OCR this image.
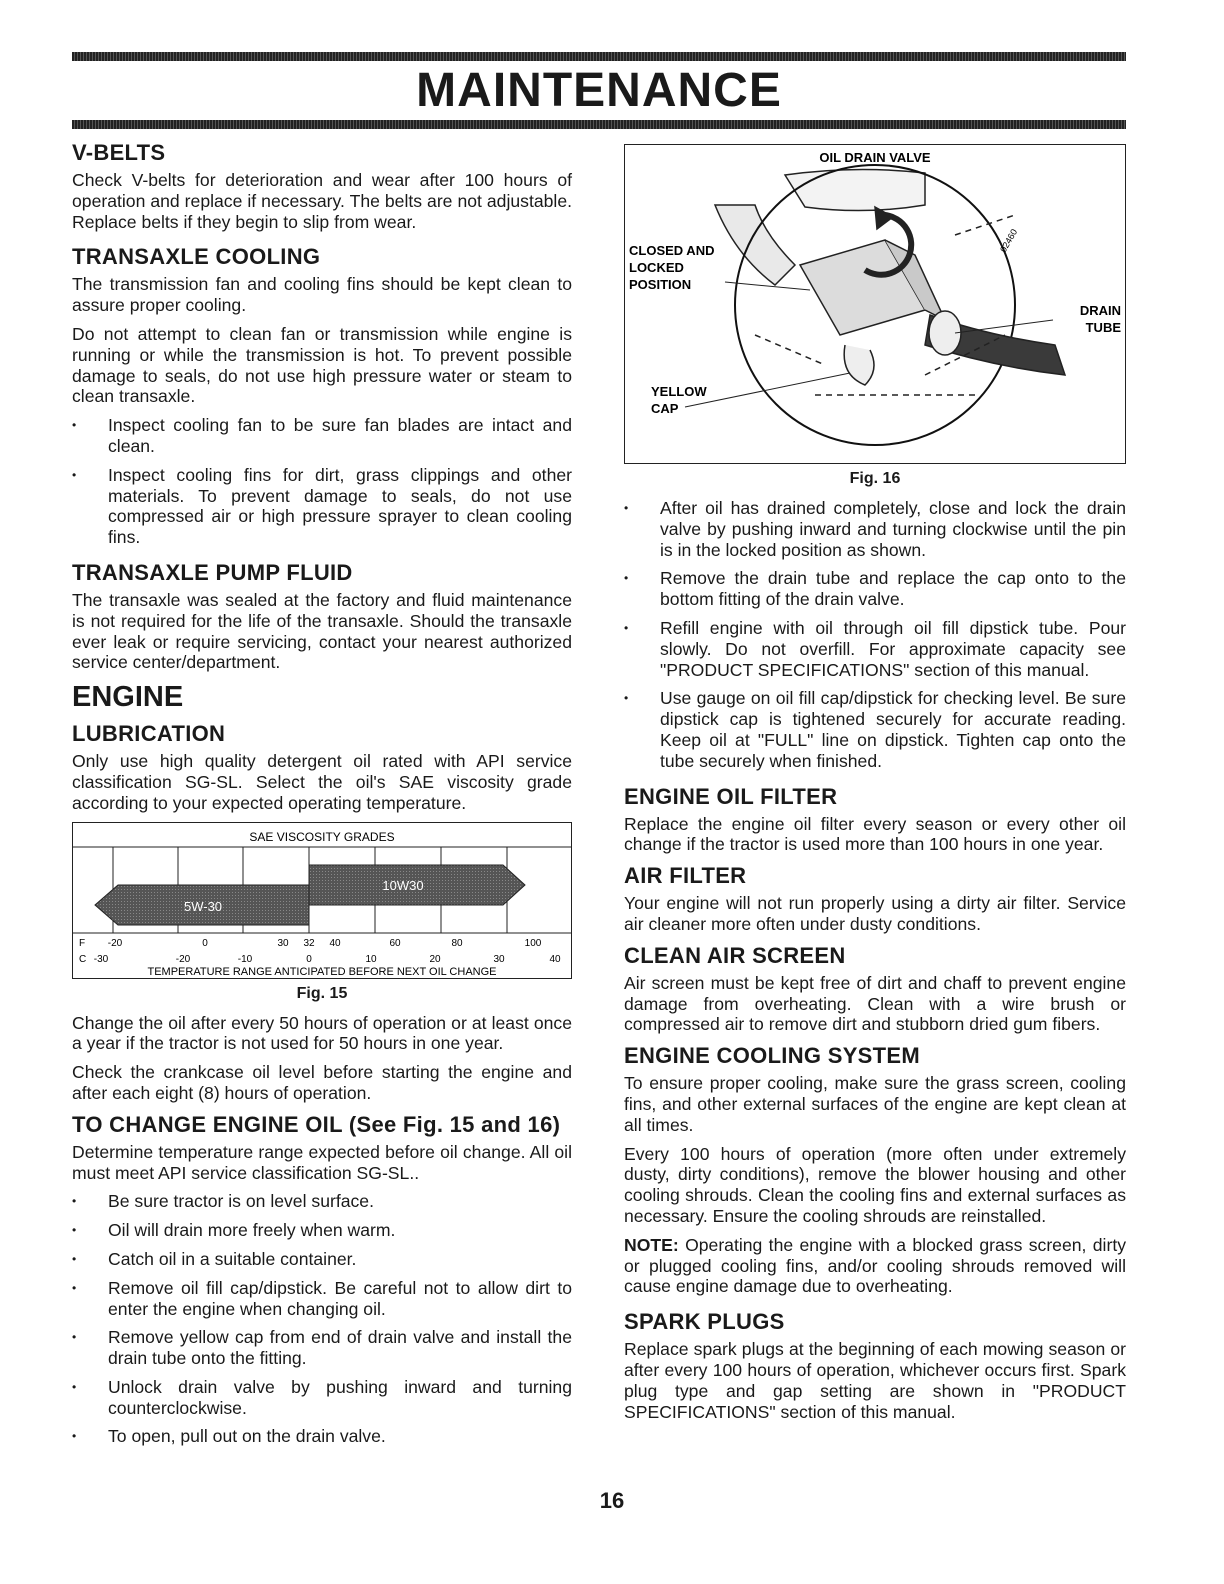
MAINTENANCE
V-BELTS

Check V-belts for deterioration and wear after 100 hours of operation and replace if necessary. The belts are not adjustable. Replace belts if they begin to slip from wear.

TRANSAXLE COOLING

The transmission fan and cooling fins should be kept clean to assure proper cooling.

Do not attempt to clean fan or transmission while engine is running or while the transmission is hot. To prevent possible damage to seals, do not use high pressure water or steam to clean transaxle.

• Inspect cooling fan to be sure fan blades are intact and clean.
• Inspect cooling fins for dirt, grass clippings and other materials. To prevent damage to seals, do not use compressed air or high pressure sprayer to clean cooling fins.
TRANSAXLE PUMP FLUID

The transaxle was sealed at the factory and fluid maintenance is not required for the life of the transaxle. Should the transaxle ever leak or require servicing, contact your nearest authorized service center/department.

ENGINE
LUBRICATION

Only use high quality detergent oil rated with API service classification SG-SL. Select the oil's SAE viscosity grade according to your expected operating temperature.

SAE VISCOSITY GRADES
10W30
5W-30
F -20	0	30 32 40	60	80	100
C -30	-20	-10	0	10	20	30	40
TEMPERATURE RANGE ANTICIPATED BEFORE NEXT OIL CHANGE
Fig. 15

Change the oil after every 50 hours of operation or at least once a year if the tractor is not used for 50 hours in one year.

Check the crankcase oil level before starting the engine and after each eight (8) hours of operation.

TO CHANGE ENGINE OIL (See Fig. 15 and 16)

Determine temperature range expected before oil change. All oil must meet API service classification SG-SL..

• Be sure tractor is on level surface.
• Oil will drain more freely when warm.
• Catch oil in a suitable container.
• Remove oil fill cap/dipstick. Be careful not to allow dirt to enter the engine when changing oil.
• Remove yellow cap from end of drain valve and install the drain tube onto the fitting.
• Unlock drain valve by pushing inward and turning counterclockwise.
• To open, pull out on the drain valve.
OIL DRAIN VALVE
CLOSED AND
LOCKED
POSITION
DRAIN
TUBE
YELLOW
CAP
02460
Fig. 16
• After oil has drained completely, close and lock the drain valve by pushing inward and turning clockwise until the pin is in the locked position as shown.
• Remove the drain tube and replace the cap onto to the bottom fitting of the drain valve.
• Refill engine with oil through oil fill dipstick tube. Pour slowly. Do not overfill. For approximate capacity see "PRODUCT SPECIFICATIONS" section of this manual.
• Use gauge on oil fill cap/dipstick for checking level. Be sure dipstick cap is tightened securely for accurate reading. Keep oil at "FULL" line on dipstick. Tighten cap onto the tube securely when finished.
ENGINE OIL FILTER

Replace the engine oil filter every season or every other oil change if the tractor is used more than 100 hours in one year.

AIR FILTER

Your engine will not run properly using a dirty air filter. Service air cleaner more often under dusty conditions.

CLEAN AIR SCREEN

Air screen must be kept free of dirt and chaff to prevent engine damage from overheating. Clean with a wire brush or compressed air to remove dirt and stubborn dried gum fibers.

ENGINE COOLING SYSTEM

To ensure proper cooling, make sure the grass screen, cooling fins, and other external surfaces of the engine are kept clean at all times.

Every 100 hours of operation (more often under extremely dusty, dirty conditions), remove the blower housing and other cooling shrouds. Clean the cooling fins and external surfaces as necessary. Ensure the cooling shrouds are reinstalled.

NOTE: Operating the engine with a blocked grass screen, dirty or plugged cooling fins, and/or cooling shrouds removed will cause engine damage due to overheating.

SPARK PLUGS

Replace spark plugs at the beginning of each mowing season or after every 100 hours of operation, whichever occurs first. Spark plug type and gap setting are shown in "PRODUCT SPECIFICATIONS" section of this manual.

16
